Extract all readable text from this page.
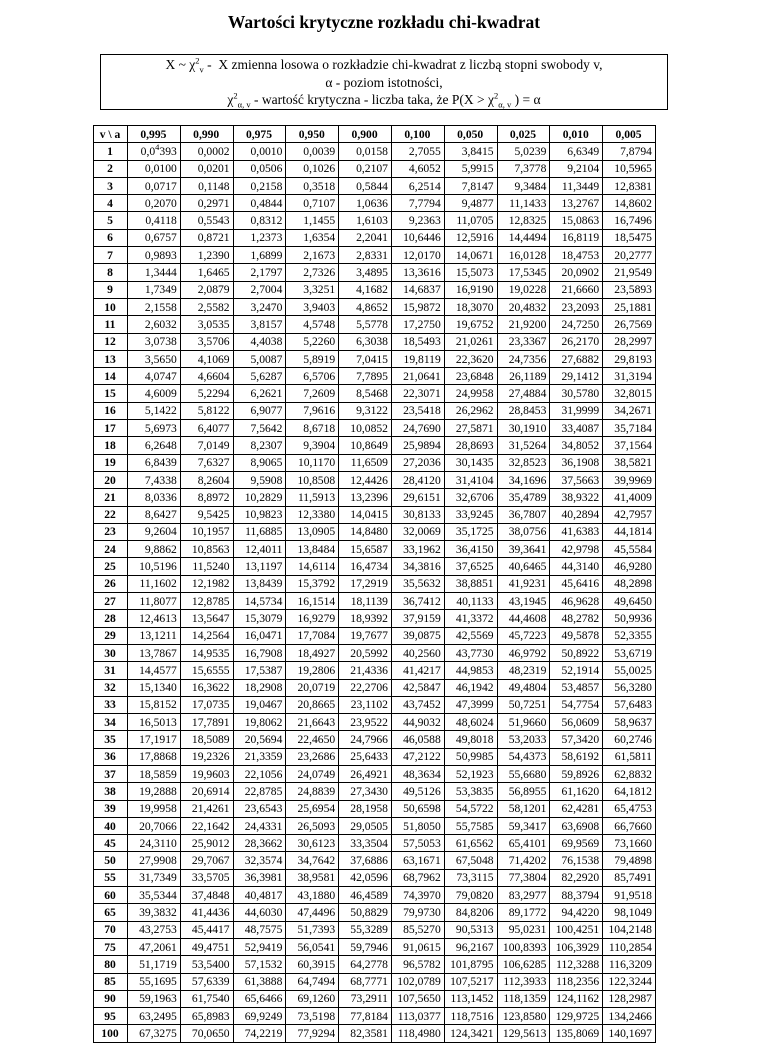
Wartości krytyczne rozkładu chi-kwadrat
X ~ $\chi^2_v$ - X zmienna losowa o rozkładzie chi-kwadrat z liczbą stopni swobody v,
α - poziom istotności,
$\chi^2_{\alpha, v}$ - wartość krytyczna - liczba taka, że $P(X > \chi^2_{\alpha, v}$ ) = α
v \ a	0,995	0,990	0,975	0,950	0,900	0,100	0,050	0,025	0,010	0,005
1	$0,0^4393$	0,0002	0,0010	0,0039	0,0158	2,7055	3,8415	5,0239	6,6349	7,8794
2	0,0100	0,0201	0,0506	0,1026	0,2107	4,6052	5,9915	7,3778	9,2104	10,5965
3	0,0717	0,1148	0,2158	0,3518	0,5844	6,2514	7,8147	9,3484	11,3449	12,8381
4	0,2070	0,2971	0,4844	0,7107	1,0636	7,7794	9,4877	11,1433	13,2767	14,8602
5	0,4118	0,5543	0,8312	1,1455	1,6103	9,2363	11,0705	12,8325	15,0863	16,7496
6	0,6757	0,8721	1,2373	1,6354	2,2041	10,6446	12,5916	14,4494	16,8119	18,5475
7	0,9893	1,2390	1,6899	2,1673	2,8331	12,0170	14,0671	16,0128	18,4753	20,2777
8	1,3444	1,6465	2,1797	2,7326	3,4895	13,3616	15,5073	17,5345	20,0902	21,9549
9	1,7349	2,0879	2,7004	3,3251	4,1682	14,6837	16,9190	19,0228	21,6660	23,5893
10	2,1558	2,5582	3,2470	3,9403	4,8652	15,9872	18,3070	20,4832	23,2093	25,1881
11	2,6032	3,0535	3,8157	4,5748	5,5778	17,2750	19,6752	21,9200	24,7250	26,7569
12	3,0738	3,5706	4,4038	5,2260	6,3038	18,5493	21,0261	23,3367	26,2170	28,2997
13	3,5650	4,1069	5,0087	5,8919	7,0415	19,8119	22,3620	24,7356	27,6882	29,8193
14	4,0747	4,6604	5,6287	6,5706	7,7895	21,0641	23,6848	26,1189	29,1412	31,3194
15	4,6009	5,2294	6,2621	7,2609	8,5468	22,3071	24,9958	27,4884	30,5780	32,8015
16	5,1422	5,8122	6,9077	7,9616	9,3122	23,5418	26,2962	28,8453	31,9999	34,2671
17	5,6973	6,4077	7,5642	8,6718	10,0852	24,7690	27,5871	30,1910	33,4087	35,7184
18	6,2648	7,0149	8,2307	9,3904	10,8649	25,9894	28,8693	31,5264	34,8052	37,1564
19	6,8439	7,6327	8,9065	10,1170	11,6509	27,2036	30,1435	32,8523	36,1908	38,5821
20	7,4338	8,2604	9,5908	10,8508	12,4426	28,4120	31,4104	34,1696	37,5663	39,9969
21	8,0336	8,8972	10,2829	11,5913	13,2396	29,6151	32,6706	35,4789	38,9322	41,4009
22	8,6427	9,5425	10,9823	12,3380	14,0415	30,8133	33,9245	36,7807	40,2894	42,7957
23	9,2604	10,1957	11,6885	13,0905	14,8480	32,0069	35,1725	38,0756	41,6383	44,1814
24	9,8862	10,8563	12,4011	13,8484	15,6587	33,1962	36,4150	39,3641	42,9798	45,5584
25	10,5196	11,5240	13,1197	14,6114	16,4734	34,3816	37,6525	40,6465	44,3140	46,9280
26	11,1602	12,1982	13,8439	15,3792	17,2919	35,5632	38,8851	41,9231	45,6416	48,2898
27	11,8077	12,8785	14,5734	16,1514	18,1139	36,7412	40,1133	43,1945	46,9628	49,6450
28	12,4613	13,5647	15,3079	16,9279	18,9392	37,9159	41,3372	44,4608	48,2782	50,9936
29	13,1211	14,2564	16,0471	17,7084	19,7677	39,0875	42,5569	45,7223	49,5878	52,3355
30	13,7867	14,9535	16,7908	18,4927	20,5992	40,2560	43,7730	46,9792	50,8922	53,6719
31	14,4577	15,6555	17,5387	19,2806	21,4336	41,4217	44,9853	48,2319	52,1914	55,0025
32	15,1340	16,3622	18,2908	20,0719	22,2706	42,5847	46,1942	49,4804	53,4857	56,3280
33	15,8152	17,0735	19,0467	20,8665	23,1102	43,7452	47,3999	50,7251	54,7754	57,6483
34	16,5013	17,7891	19,8062	21,6643	23,9522	44,9032	48,6024	51,9660	56,0609	58,9637
35	17,1917	18,5089	20,5694	22,4650	24,7966	46,0588	49,8018	53,2033	57,3420	60,2746
36	17,8868	19,2326	21,3359	23,2686	25,6433	47,2122	50,9985	54,4373	58,6192	61,5811
37	18,5859	19,9603	22,1056	24,0749	26,4921	48,3634	52,1923	55,6680	59,8926	62,8832
38	19,2888	20,6914	22,8785	24,8839	27,3430	49,5126	53,3835	56,8955	61,1620	64,1812
39	19,9958	21,4261	23,6543	25,6954	28,1958	50,6598	54,5722	58,1201	62,4281	65,4753
40	20,7066	22,1642	24,4331	26,5093	29,0505	51,8050	55,7585	59,3417	63,6908	66,7660
45	24,3110	25,9012	28,3662	30,6123	33,3504	57,5053	61,6562	65,4101	69,9569	73,1660
50	27,9908	29,7067	32,3574	34,7642	37,6886	63,1671	67,5048	71,4202	76,1538	79,4898
55	31,7349	33,5705	36,3981	38,9581	42,0596	68,7962	73,3115	77,3804	82,2920	85,7491
60	35,5344	37,4848	40,4817	43,1880	46,4589	74,3970	79,0820	83,2977	88,3794	91,9518
65	39,3832	41,4436	44,6030	47,4496	50,8829	79,9730	84,8206	89,1772	94,4220	98,1049
70	43,2753	45,4417	48,7575	51,7393	55,3289	85,5270	90,5313	95,0231	100,4251	104,2148
75	47,2061	49,4751	52,9419	56,0541	59,7946	91,0615	96,2167	100,8393	106,3929	110,2854
80	51,1719	53,5400	57,1532	60,3915	64,2778	96,5782	101,8795	106,6285	112,3288	116,3209
85	55,1695	57,6339	61,3888	64,7494	68,7771	102,0789	107,5217	112,3933	118,2356	122,3244
90	59,1963	61,7540	65,6466	69,1260	73,2911	107,5650	113,1452	118,1359	124,1162	128,2987
95	63,2495	65,8983	69,9249	73,5198	77,8184	113,0377	118,7516	123,8580	129,9725	134,2466
100	67,3275	70,0650	74,2219	77,9294	82,3581	118,4980	124,3421	129,5613	135,8069	140,1697
